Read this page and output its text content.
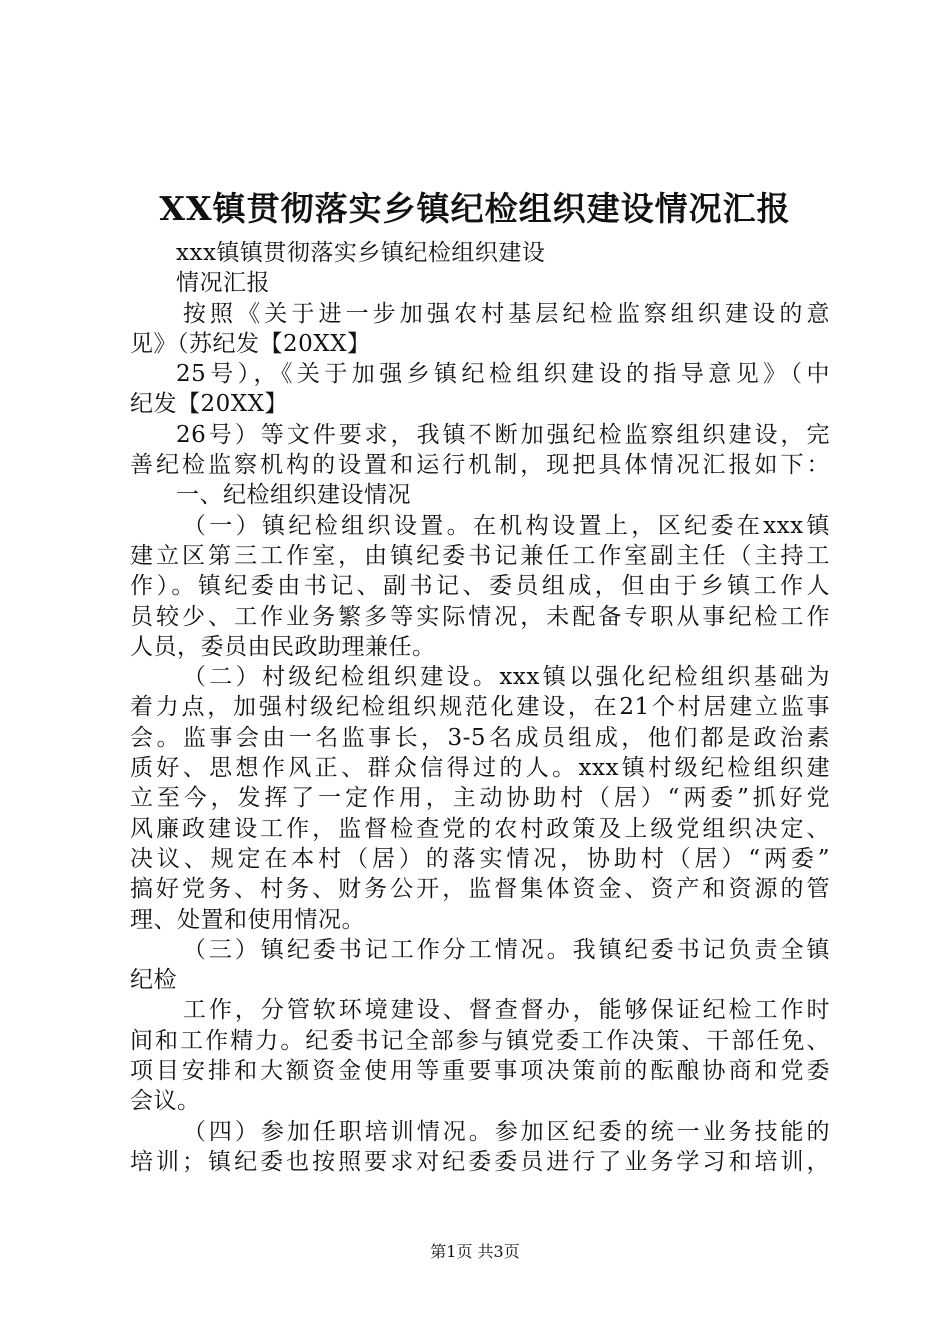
XX镇贯彻落实乡镇纪检组织建设情况汇报
xxx镇镇贯彻落实乡镇纪检组织建设
情况汇报
按照《关于进一步加强农村基层纪检监察组织建设的意
见》（苏纪发【20XX】
25号），《关于加强乡镇纪检组织建设的指导意见》（中
纪发【20XX】
26号）等文件要求，我镇不断加强纪检监察组织建设，完
善纪检监察机构的设置和运行机制，现把具体情况汇报如下：
一、纪检组织建设情况
（一）镇纪检组织设置。在机构设置上，区纪委在xxx镇
建立区第三工作室，由镇纪委书记兼任工作室副主任（主持工
作）。镇纪委由书记、副书记、委员组成，但由于乡镇工作人
员较少、工作业务繁多等实际情况，未配备专职从事纪检工作
人员，委员由民政助理兼任。
（二）村级纪检组织建设。xxx镇以强化纪检组织基础为
着力点，加强村级纪检组织规范化建设，在21个村居建立监事
会。监事会由一名监事长，3-5名成员组成，他们都是政治素
质好、思想作风正、群众信得过的人。xxx镇村级纪检组织建
立至今，发挥了一定作用，主动协助村（居）“两委”抓好党
风廉政建设工作，监督检查党的农村政策及上级党组织决定、
决议、规定在本村（居）的落实情况，协助村（居）“两委”
搞好党务、村务、财务公开，监督集体资金、资产和资源的管
理、处置和使用情况。
（三）镇纪委书记工作分工情况。我镇纪委书记负责全镇
纪检
工作，分管软环境建设、督查督办，能够保证纪检工作时
间和工作精力。纪委书记全部参与镇党委工作决策、干部任免、
项目安排和大额资金使用等重要事项决策前的酝酿协商和党委
会议。
（四）参加任职培训情况。参加区纪委的统一业务技能的
培训；镇纪委也按照要求对纪委委员进行了业务学习和培训，
第1页 共3页
